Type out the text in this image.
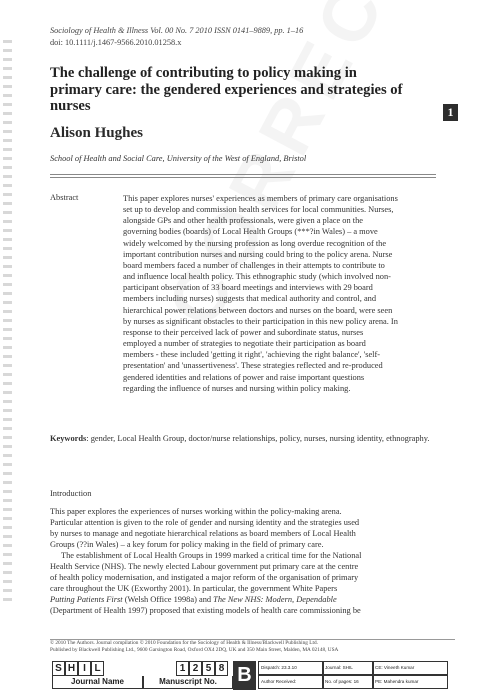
Sociology of Health & Illness Vol. 00 No. 7 2010 ISSN 0141–9889, pp. 1–16
doi: 10.1111/j.1467-9566.2010.01258.x
The challenge of contributing to policy making in
primary care: the gendered experiences and strategies of
nurses	1
Alison Hughes
School of Health and Social Care, University of the West of England, Bristol
Abstract	This paper explores nurses' experiences as members of primary care organisations
set up to develop and commission health services for local communities. Nurses,
alongside GPs and other health professionals, were given a place on the
governing bodies (boards) of Local Health Groups (***?in Wales) – a move
widely welcomed by the nursing profession as long overdue recognition of the
important contribution nurses and nursing could bring to the policy arena. Nurse
board members faced a number of challenges in their attempts to contribute to
and influence local health policy. This ethnographic study (which involved non-
participant observation of 33 board meetings and interviews with 29 board
members including nurses) suggests that medical authority and control, and
hierarchical power relations between doctors and nurses on the board, were seen
by nurses as significant obstacles to their participation in this new policy arena. In
response to their perceived lack of power and subordinate status, nurses
employed a number of strategies to negotiate their participation as board
members - these included 'getting it right', 'achieving the right balance', 'self-
presentation' and 'unassertiveness'. These strategies reflected and re-produced
gendered identities and relations of power and raise important questions
regarding the influence of nurses and nursing within policy making.
Keywords: gender, Local Health Group, doctor/nurse relationships, policy, nurses, nursing identity, ethnography.
Introduction
This paper explores the experiences of nurses working within the policy-making arena.
Particular attention is given to the role of gender and nursing identity and the strategies used
by nurses to manage and negotiate hierarchical relations as board members of Local Health
Groups (??in Wales) – a key forum for policy making in the field of primary care.
The establishment of Local Health Groups in 1999 marked a critical time for the National
Health Service (NHS). The newly elected Labour government put primary care at the centre
of health policy modernisation, and instigated a major reform of the organisation of primary
care throughout the UK (Exworthy 2001). In particular, the government White Papers
Putting Patients First (Welsh Office 1998a) and The New NHS: Modern, Dependable
(Department of Health 1997) proposed that existing models of health care commissioning be
© 2010 The Authors. Journal compilation © 2010 Foundation for the Sociology of Health & Illness/Blackwell Publishing Ltd.
Published by Blackwell Publishing Ltd., 9600 Garsington Road, Oxford OX4 2DQ, UK and 350 Main Street, Malden, MA 02148, USA
S H I L
Journal Name
1 2 5 8
Manuscript No.	B	Dispatch: 23.3.10	Journal: SHIL	CE: Vineeth Kumar
Author Received:	No. of pages: 16	PE: Mahendra kumar
